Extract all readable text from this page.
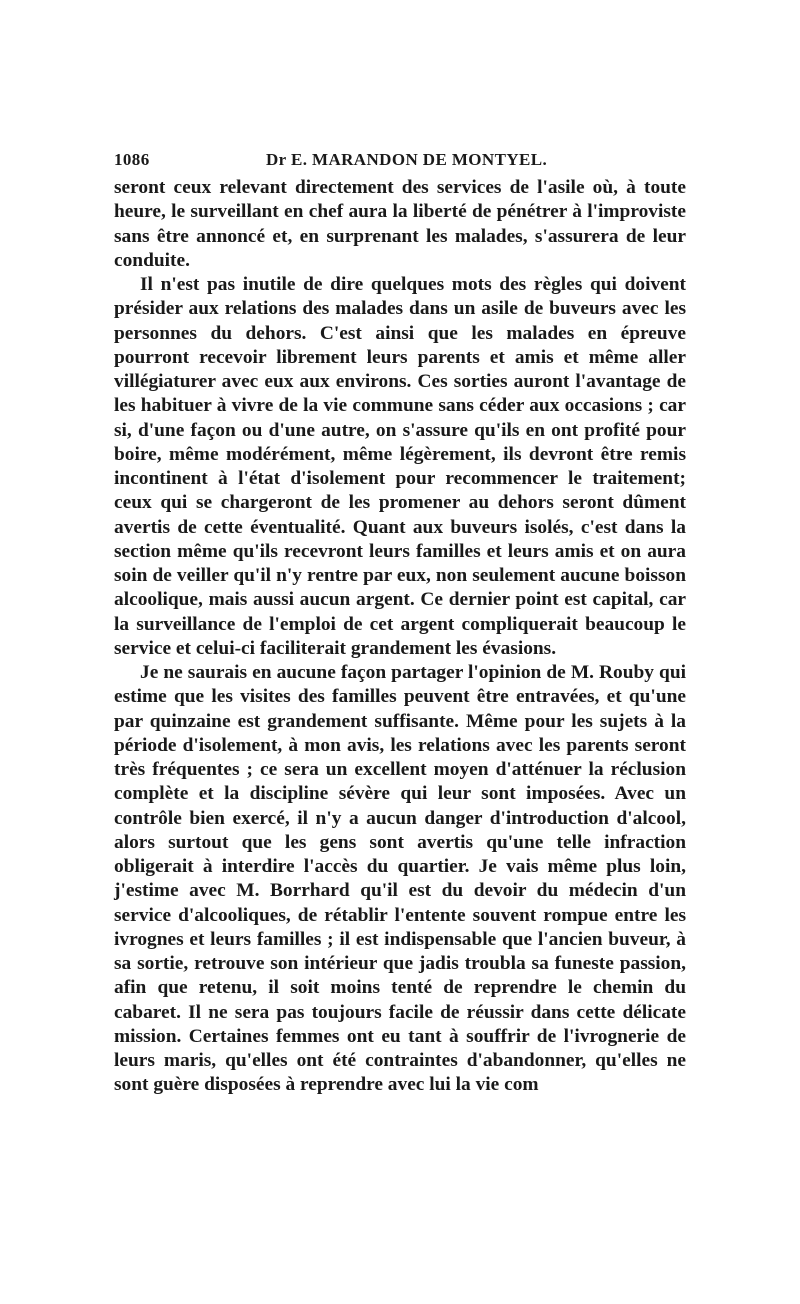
1086	Dr E. MARANDON DE MONTYEL.

seront ceux relevant directement des services de l'asile où, à toute heure, le surveillant en chef aura la liberté de pénétrer à l'improviste sans être annoncé et, en surprenant les malades, s'assurera de leur conduite.

Il n'est pas inutile de dire quelques mots des règles qui doivent présider aux relations des malades dans un asile de buveurs avec les personnes du dehors. C'est ainsi que les malades en épreuve pourront recevoir librement leurs parents et amis et même aller villégiaturer avec eux aux environs. Ces sorties auront l'avantage de les habituer à vivre de la vie commune sans céder aux occasions ; car si, d'une façon ou d'une autre, on s'assure qu'ils en ont profité pour boire, même modérément, même légèrement, ils devront être remis incontinent à l'état d'isolement pour recommencer le traitement; ceux qui se chargeront de les promener au dehors seront dûment avertis de cette éventualité. Quant aux buveurs isolés, c'est dans la section même qu'ils recevront leurs familles et leurs amis et on aura soin de veiller qu'il n'y rentre par eux, non seulement aucune boisson alcoolique, mais aussi aucun argent. Ce dernier point est capital, car la surveillance de l'emploi de cet argent compliquerait beaucoup le service et celui-ci faciliterait grandement les évasions.

Je ne saurais en aucune façon partager l'opinion de M. Rouby qui estime que les visites des familles peuvent être entravées, et qu'une par quinzaine est grandement suffisante. Même pour les sujets à la période d'isolement, à mon avis, les relations avec les parents seront très fréquentes ; ce sera un excellent moyen d'atténuer la réclusion complète et la discipline sévère qui leur sont imposées. Avec un contrôle bien exercé, il n'y a aucun danger d'introduction d'alcool, alors surtout que les gens sont avertis qu'une telle infraction obligerait à interdire l'accès du quartier. Je vais même plus loin, j'estime avec M. Borrhard qu'il est du devoir du médecin d'un service d'alcooliques, de rétablir l'entente souvent rompue entre les ivrognes et leurs familles ; il est indispensable que l'ancien buveur, à sa sortie, retrouve son intérieur que jadis troubla sa funeste passion, afin que retenu, il soit moins tenté de reprendre le chemin du cabaret. Il ne sera pas toujours facile de réussir dans cette délicate mission. Certaines femmes ont eu tant à souffrir de l'ivrognerie de leurs maris, qu'elles ont été contraintes d'abandonner, qu'elles ne sont guère disposées à reprendre avec lui la vie com
